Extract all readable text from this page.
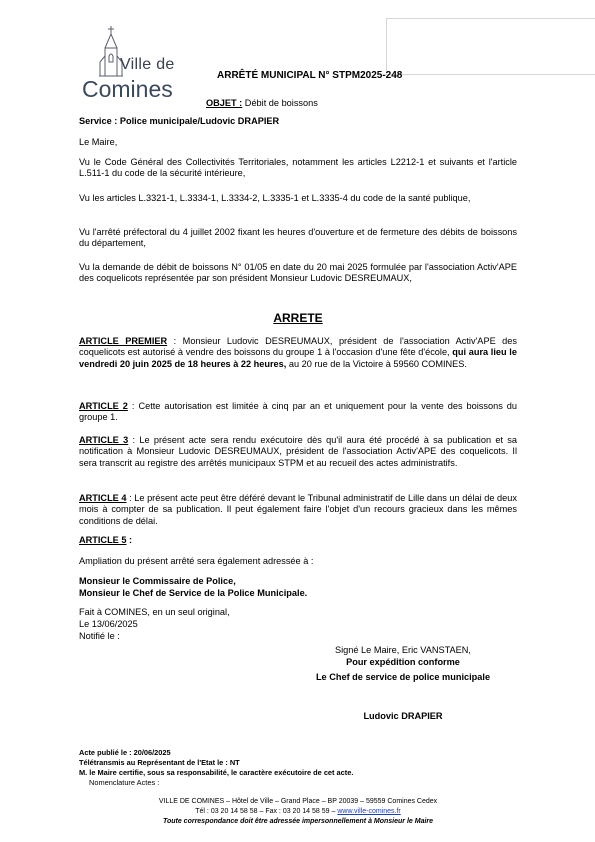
Ville de
Comines
ARRÊTÉ MUNICIPAL N° STPM2025-248
OBJET : Débit de boissons
Service : Police municipale/Ludovic DRAPIER
Le Maire,
Vu le Code Général des Collectivités Territoriales, notamment les articles L2212-1 et suivants et l'article L.511-1 du code de la sécurité intérieure,
Vu les articles L.3321-1, L.3334-1, L.3334-2, L.3335-1 et L.3335-4 du code de la santé publique,
Vu l'arrêté préfectoral du 4 juillet 2002 fixant les heures d'ouverture et de fermeture des débits de boissons du département,
Vu la demande de débit de boissons N° 01/05 en date du 20 mai 2025 formulée par l'association Activ'APE des coquelicots représentée par son président Monsieur Ludovic DESREUMAUX,
ARRETE
ARTICLE PREMIER : Monsieur Ludovic DESREUMAUX, président de l'association Activ'APE des coquelicots est autorisé à vendre des boissons du groupe 1 à l'occasion d'une fête d'école, qui aura lieu le vendredi 20 juin 2025 de 18 heures à 22 heures, au 20 rue de la Victoire à 59560 COMINES.
ARTICLE 2 : Cette autorisation est limitée à cinq par an et uniquement pour la vente des boissons du groupe 1.
ARTICLE 3 : Le présent acte sera rendu exécutoire dès qu'il aura été procédé à sa publication et sa notification à Monsieur Ludovic DESREUMAUX, président de l'association Activ'APE des coquelicots. Il sera transcrit au registre des arrêtés municipaux STPM et au recueil des actes administratifs.
ARTICLE 4 : Le présent acte peut être déféré devant le Tribunal administratif de Lille dans un délai de deux mois à compter de sa publication. Il peut également faire l'objet d'un recours gracieux dans les mêmes conditions de délai.
ARTICLE 5 :
Ampliation du présent arrêté sera également adressée à :
Monsieur le Commissaire de Police,
Monsieur le Chef de Service de la Police Municipale.
Fait à COMINES, en un seul original,
Le 13/06/2025
Notifié le :
Signé Le Maire, Eric VANSTAEN,
Pour expédition conforme
Le Chef de service de police municipale
Ludovic DRAPIER
Acte publié le : 20/06/2025
Télétransmis au Représentant de l'Etat le : NT
M. le Maire certifie, sous sa responsabilité, le caractère exécutoire de cet acte.
Nomenclature Actes :
VILLE DE COMINES – Hôtel de Ville – Grand Place – BP 20039 – 59559 Comines Cedex
Tél : 03 20 14 58 58 – Fax : 03 20 14 58 59 – www.ville-comines.fr
Toute correspondance doit être adressée impersonnellement à Monsieur le Maire
